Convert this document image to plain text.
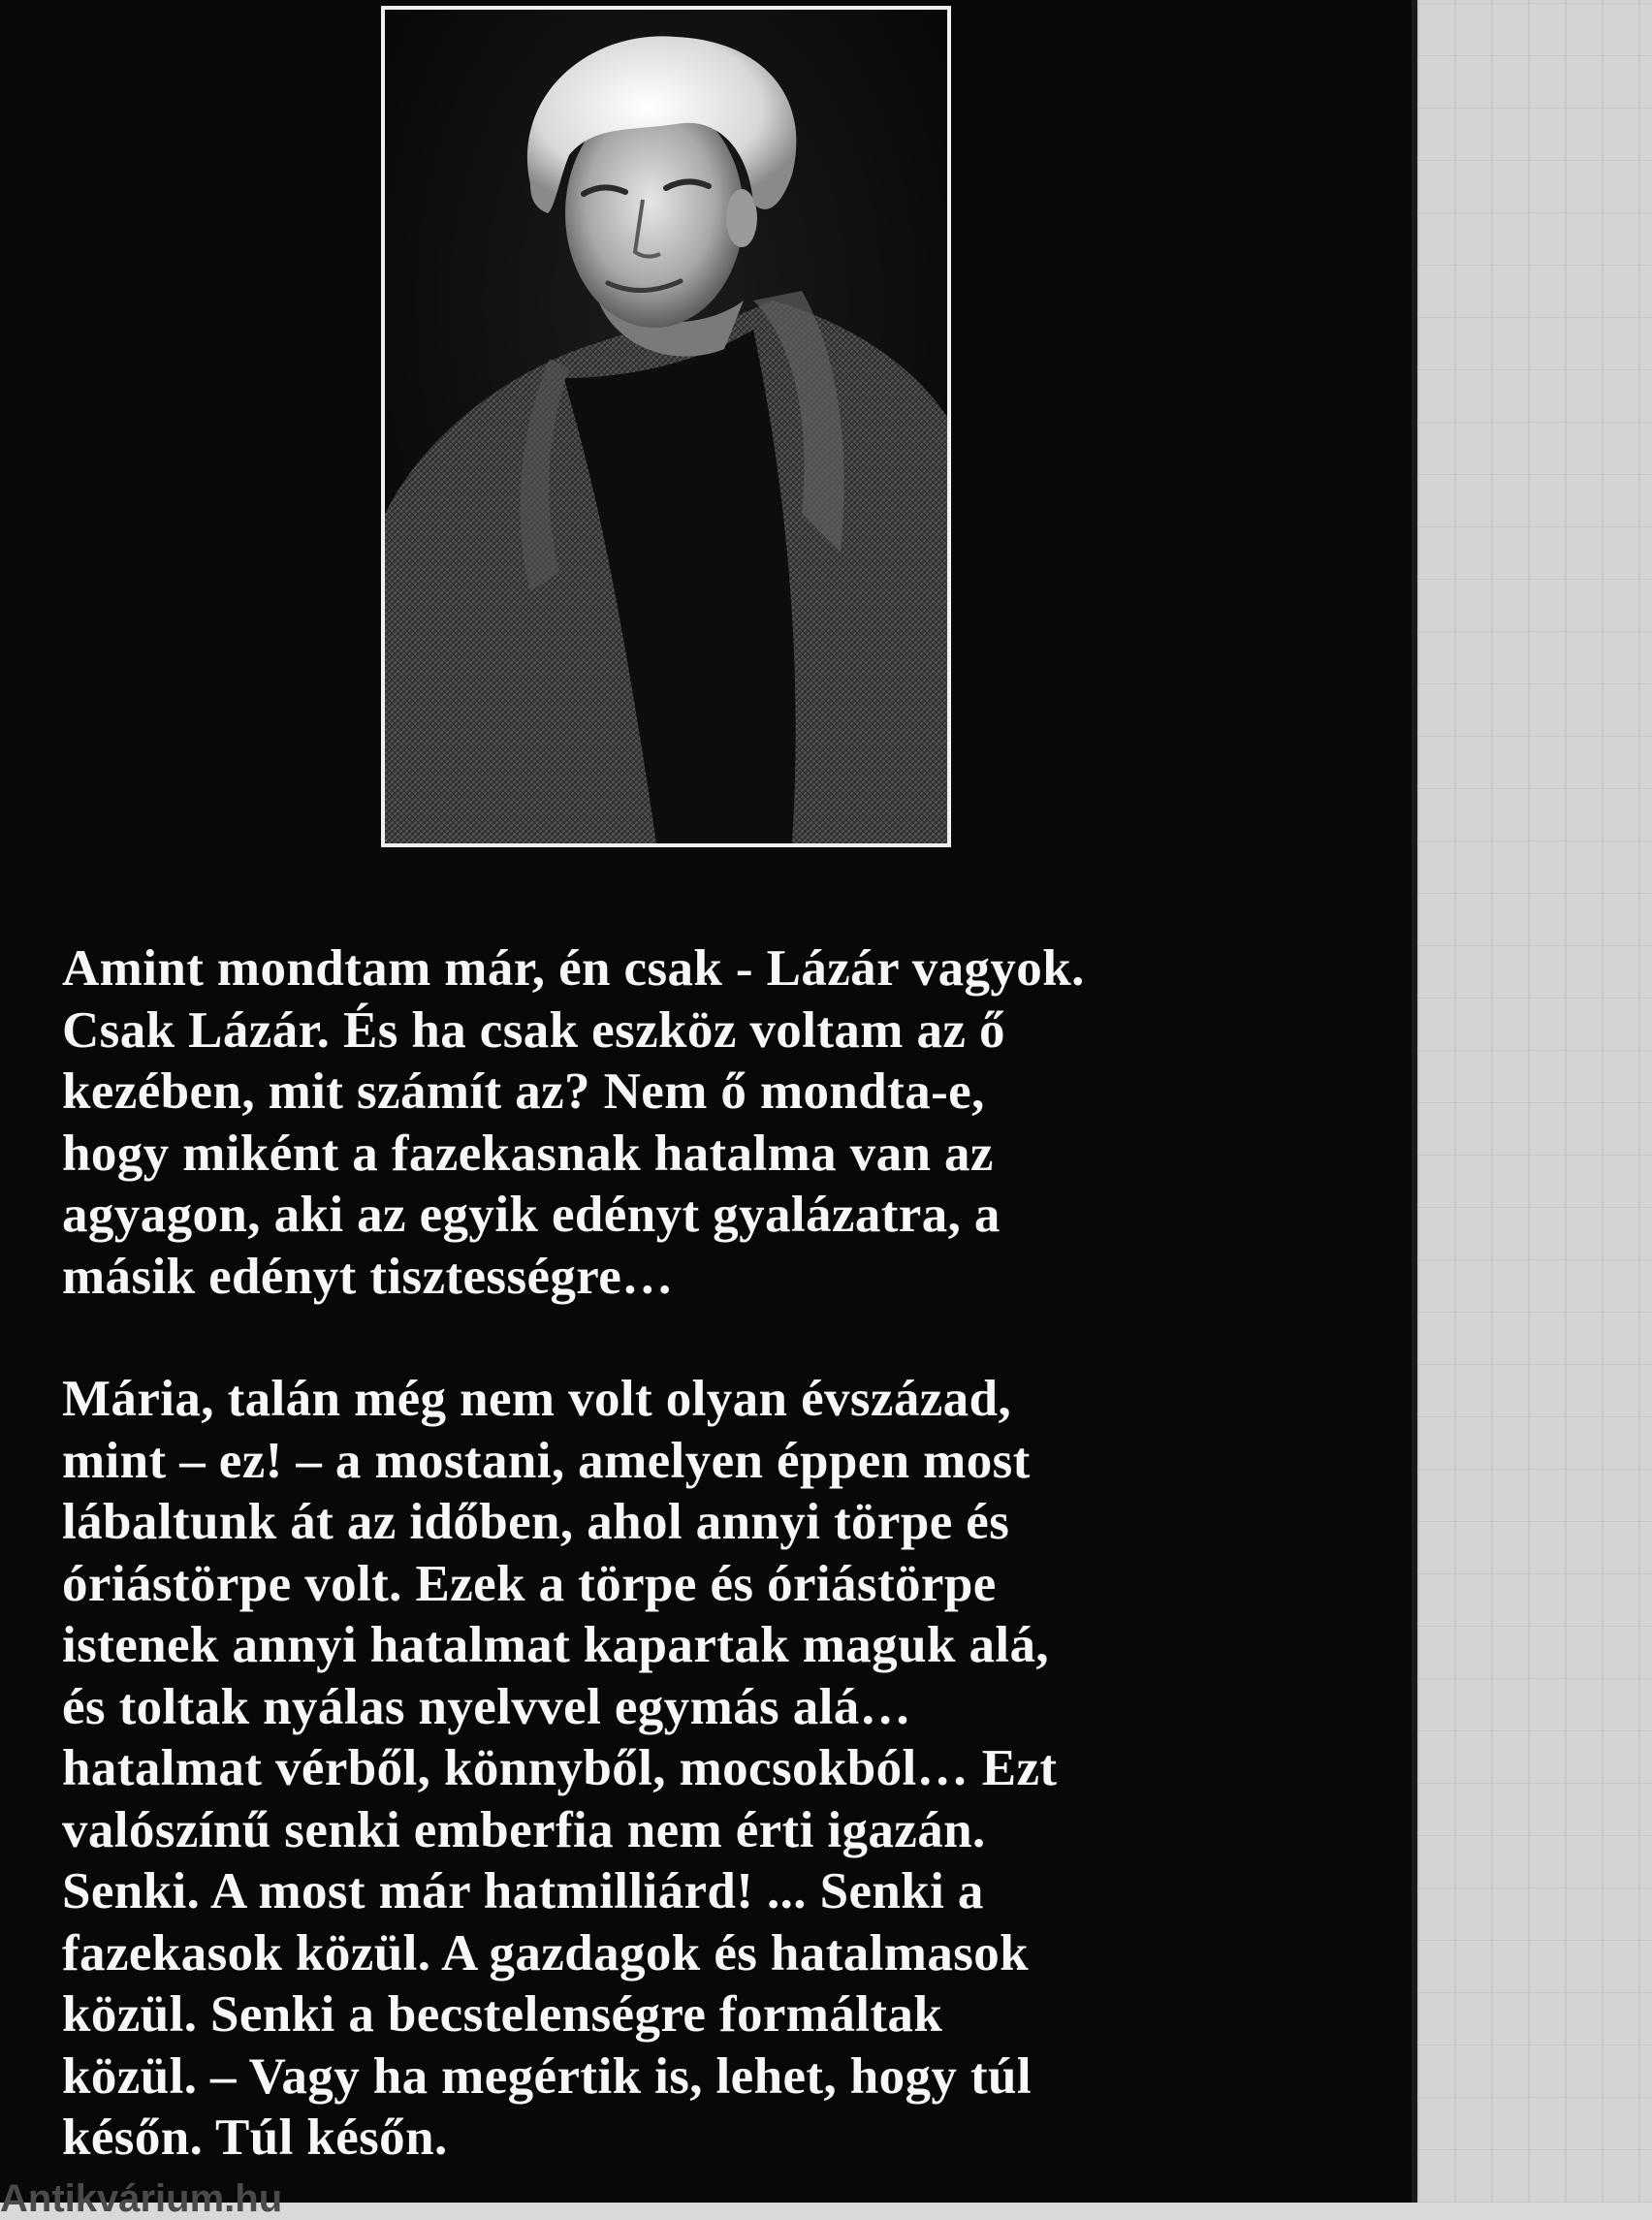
Amint mondtam már, én csak - Lázár vagyok.
Csak Lázár. És ha csak eszköz voltam az ő
kezében, mit számít az? Nem ő mondta-e,
hogy miként a fazekasnak hatalma van az
agyagon, aki az egyik edényt gyalázatra, a
másik edényt tisztességre…

Mária, talán még nem volt olyan évszázad,
mint – ez! – a mostani, amelyen éppen most
lábaltunk át az időben, ahol annyi törpe és
óriástörpe volt. Ezek a törpe és óriástörpe
istenek annyi hatalmat kapartak maguk alá,
és toltak nyálas nyelvvel egymás alá…
hatalmat vérből, könnyből, mocsokból… Ezt
valószínű senki emberfia nem érti igazán.
Senki. A most már hatmilliárd! ... Senki a
fazekasok közül. A gazdagok és hatalmasok
közül. Senki a becstelenségre formáltak
közül. – Vagy ha megértik is, lehet, hogy túl
későn. Túl későn.

Antikvárium.hu
